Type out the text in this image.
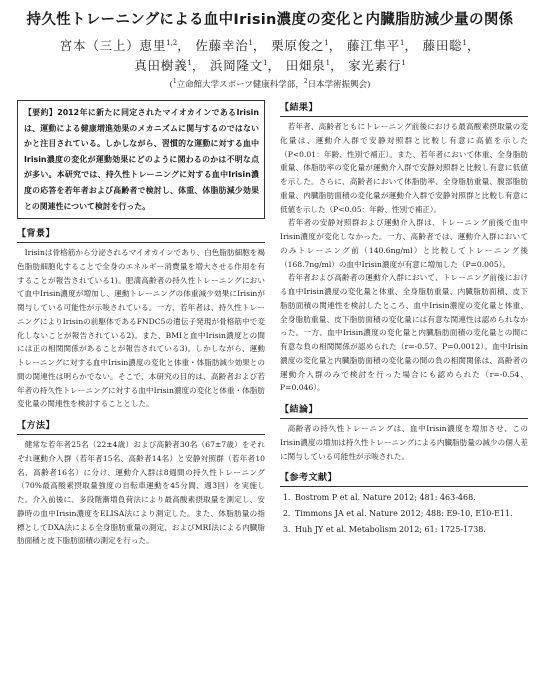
持久性トレーニングによる血中Irisin濃度の変化と内臓脂肪減少量の関係
宮本（三上）恵里$^{1,2}$， 佐藤幸治$^1$， 栗原俊之$^1$， 藤江隼平$^1$， 藤田聡$^1$，
真田樹義$^1$， 浜岡隆文$^1$， 田畑泉$^1$， 家光素行$^1$
($^1$立命館大学スポーツ健康科学部，$^2$日本学術振興会)
【要約】2012年に新たに同定されたマイオカインであるIrisinは、運動による健康増進効果のメカニズムに関与するのではないかと注目されている。しかしながら、習慣的な運動に対する血中Irisin濃度の変化が運動効果にどのように関わるのかは不明な点が多い。本研究では、持久性トレーニングに対する血中Irisin濃度の応答を若年者および高齢者で検討し、体重、体脂肪減少効果との関連性について検討を行った。
【背景】

Irisinは骨格筋から分泌されるマイオカインであり、白色脂肪細胞を褐色脂肪細胞化することで全身のエネルギー消費量を増大させる作用を有することが報告されている1)。肥満高齢者の持久性トレーニングにおいて血中Irisin濃度が増加し、運動トレーニングの体重減少効果にIrisinが関与している可能性が示唆されている。一方、若年者は、持久性トレーニングによりIrisinの前駆体であるFNDC5の遺伝子発現が骨格筋中で変化しないことが報告されている2)。また、BMIと血中Irisin濃度との間には正の相関関係があることが報告されている3)。しかしながら、運動トレーニングに対する血中Irisin濃度の変化と体重・体脂肪減少効果との間の関連性は明らかでない。そこで、本研究の目的は、高齢者および若年者の持久性トレーニングに対する血中Irisin濃度の変化と体重・体脂肪変化量の関連性を検討することとした。

【方法】

健常な若年者25名（22±4歳）および高齢者30名（67±7歳）をそれぞれ運動介入群（若年者15名、高齢者14名）と安静対照群（若年者10名、高齢者16名）に分け、運動介入群は8週間の持久性トレーニング（70%最高酸素摂取量強度の自転車運動を45分間、週3回）を実施した。介入前後に、多段階漸増負荷法により最高酸素摂取量を測定し、安静時の血中Irisin濃度をELISA法により測定した。また、体脂肪量の指標としてDXA法による全身脂肪重量の測定、およびMRI法による内臓脂肪面積と皮下脂肪面積の測定を行った。

【結果】

若年者、高齢者ともにトレーニング前後における最高酸素摂取量の変化量は、運動介入群で安静対照群と比較し有意に高値を示した（P<0.01：年齢、性別で補正）。また、若年者において体重、全身脂肪重量、体脂肪率の変化量が運動介入群で安静対照群と比較し有意に低値を示した。さらに、高齢者において体脂肪率、全身脂肪重量、腹部脂肪重量、内臓脂肪面積の変化量が運動介入群で安静対照群と比較し有意に低値を示した（P<0.05：年齢、性別で補正）。

若年者の安静対照群および運動介入群は、トレーニング前後で血中Irisin濃度が変化しなかった。一方、高齢者では、運動介入群においてのみトレーニング前（140.6ng/ml）と比較してトレーニング後（168.7ng/ml）の血中Irisin濃度が有意に増加した（P=0.005）。

若年者および高齢者の運動介入群において、トレーニング前後における血中Irisin濃度の変化量と体重、全身脂肪重量、内臓脂肪面積、皮下脂肪面積の関連性を検討したところ、血中Irisin濃度の変化量と体重、全身脂肪重量、皮下脂肪面積の変化量には有意な関連性は認められなかった。一方、血中Irisin濃度の変化量と内臓脂肪面積の変化量との間に有意な負の相関関係が認められた（r=-0.57、P=0.0012）。血中Irisin濃度の変化量と内臓脂肪面積の変化量の間の負の相関関係は、高齢者の運動介入群のみで検討を行った場合にも認められた（r=-0.54、P=0.046）。

【結論】

高齢者の持久性トレーニングは、血中Irisin濃度を増加させ、このIrisin濃度の増加は持久性トレーニングによる内臓脂肪量の減少の個人差に関与している可能性が示唆された。

【参考文献】
1. Bostrom P et al. Nature 2012; 481: 463-468.
2. Timmons JA et al. Nature 2012; 488: E9-10, E10-E11.
3. Huh JY et al. Metabolism 2012; 61: 1725-1738.
